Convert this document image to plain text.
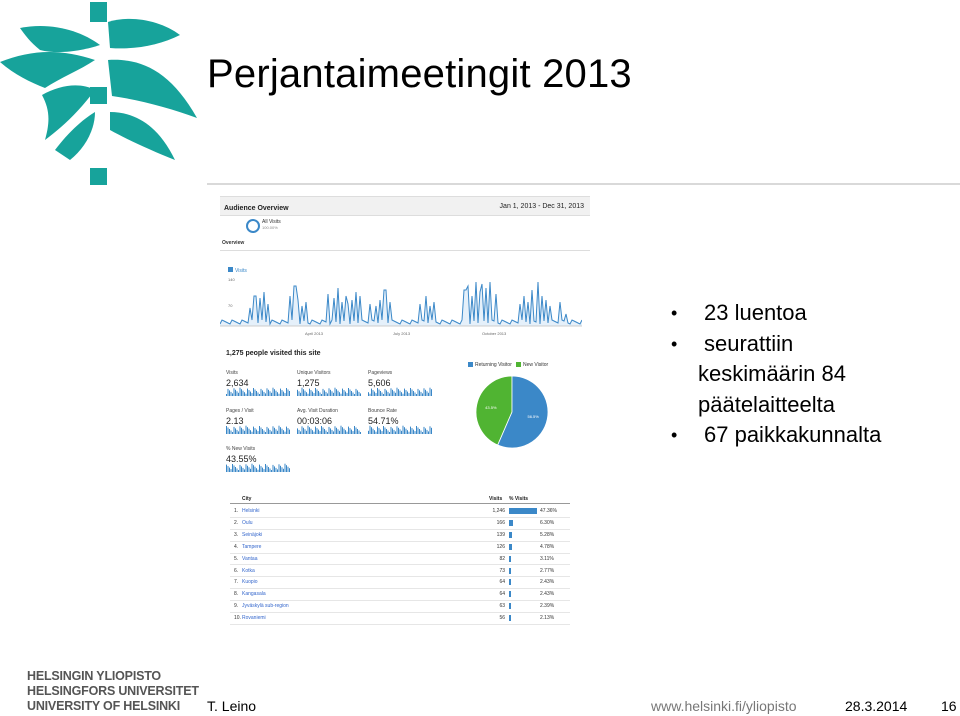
Perjantaimeetingit 2013
•	23 luentoa
•	seurattiin
keskimäärin 84
päätelaitteelta
•	67 paikkakunnalta
Audience Overview	Jan 1, 2013 - Dec 31, 2013
All Visits
100.00%
Overview
Visits
140
70
April 2013	July 2013	October 2013
1,275 people visited this site
Visits
2,634
Unique Visitors
1,275
Pageviews
5,606
Pages / Visit
2.13
Avg. Visit Duration
00:03:06
Bounce Rate
54.71%
% New Visits
43.55%
Returning Visitor	New Visitor
43.5%
56.5%
City	Visits % Visits
1. Helsinki	1,246	47.36%
2. Oulu	166	6.30%
3. Seinäjoki	139	5.28%
4. Tampere	126	4.78%
5. Vantaa	82	3.11%
6. Kotka	73	2.77%
7. Kuopio	64	2.43%
8. Kangasala	64	2.43%
9. Jyväskylä sub-region	63	2.39%
10. Rovaniemi	56	2.13%
HELSINGIN YLIOPISTO
HELSINGFORS UNIVERSITET
UNIVERSITY OF HELSINKI	T. Leino	www.helsinki.fi/yliopisto	28.3.2014 16
